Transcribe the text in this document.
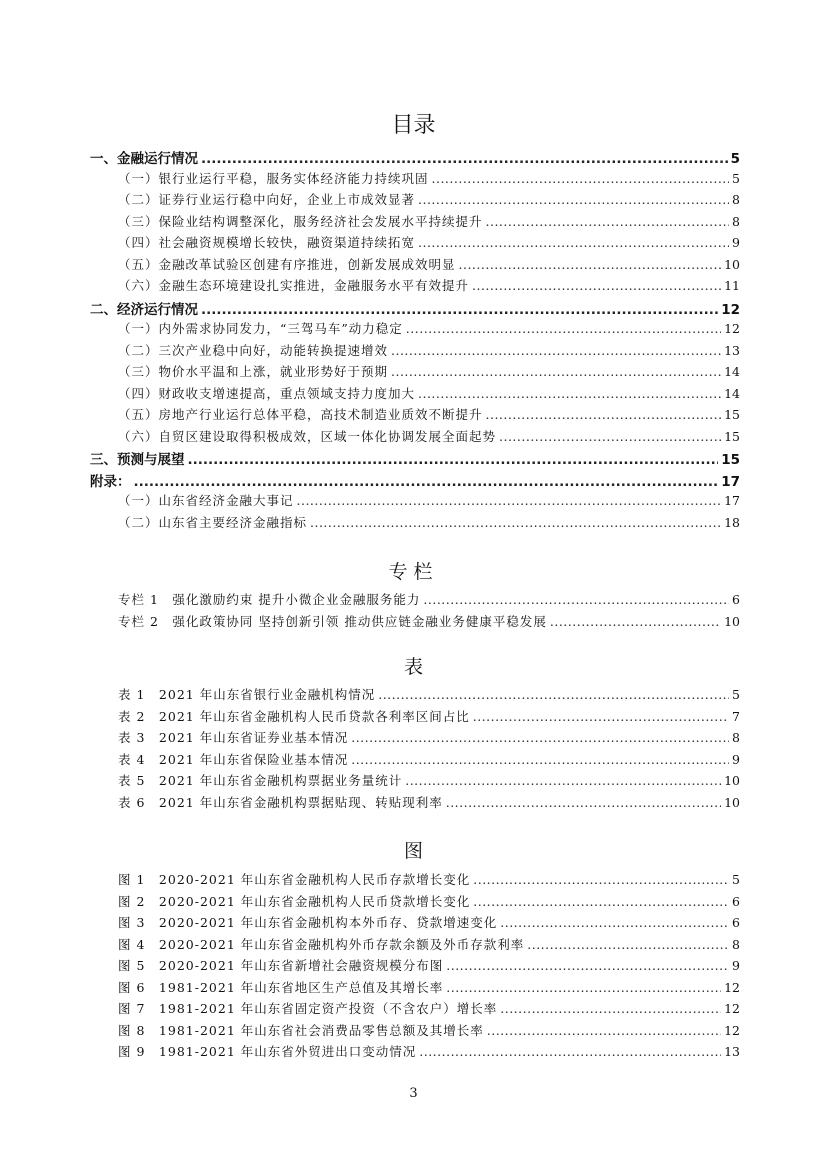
目录
一、金融运行情况 .....	5
（一）银行业运行平稳，服务实体经济能力持续巩固 .....	5
（二）证券行业运行稳中向好，企业上市成效显著 .....	8
（三）保险业结构调整深化，服务经济社会发展水平持续提升 .....	8
（四）社会融资规模增长较快，融资渠道持续拓宽 .....	9
（五）金融改革试验区创建有序推进，创新发展成效明显 .....	10
（六）金融生态环境建设扎实推进，金融服务水平有效提升 .....	11
二、经济运行情况 .....	12
（一）内外需求协同发力，“三驾马车”动力稳定 .....	12
（二）三次产业稳中向好，动能转换提速增效 .....	13
（三）物价水平温和上涨，就业形势好于预期 .....	14
（四）财政收支增速提高，重点领域支持力度加大 .....	14
（五）房地产行业运行总体平稳，高技术制造业质效不断提升 .....	15
（六）自贸区建设取得积极成效，区域一体化协调发展全面起势 .....	15
三、预测与展望 .....	15
附录： .....	17
（一）山东省经济金融大事记 .....	17
（二）山东省主要经济金融指标 .....	18
专栏
专栏 1　强化激励约束 提升小微企业金融服务能力 .....	6
专栏 2　强化政策协同 坚持创新引领 推动供应链金融业务健康平稳发展 .....	10
表
表 1　2021 年山东省银行业金融机构情况 .....	5
表 2　2021 年山东省金融机构人民币贷款各利率区间占比 .....	7
表 3　2021 年山东省证券业基本情况 .....	8
表 4　2021 年山东省保险业基本情况 .....	9
表 5　2021 年山东省金融机构票据业务量统计 .....	10
表 6　2021 年山东省金融机构票据贴现、转贴现利率 .....	10
图
图 1　2020-2021 年山东省金融机构人民币存款增长变化 .....	5
图 2　2020-2021 年山东省金融机构人民币贷款增长变化 .....	6
图 3　2020-2021 年山东省金融机构本外币存、贷款增速变化 .....	6
图 4　2020-2021 年山东省金融机构外币存款余额及外币存款利率 .....	8
图 5　2020-2021 年山东省新增社会融资规模分布图 .....	9
图 6　1981-2021 年山东省地区生产总值及其增长率 .....	12
图 7　1981-2021 年山东省固定资产投资（不含农户）增长率 .....	12
图 8　1981-2021 年山东省社会消费品零售总额及其增长率 .....	12
图 9　1981-2021 年山东省外贸进出口变动情况 .....	13
3
